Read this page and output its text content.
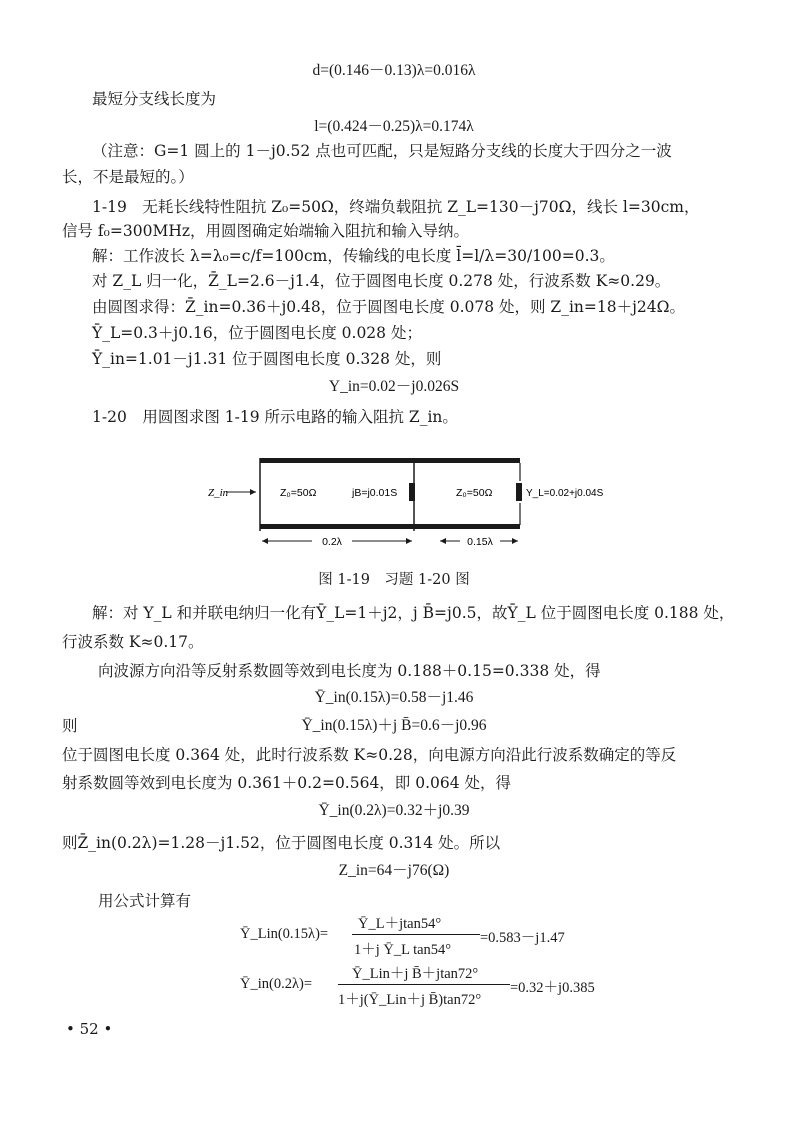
d=(0.146－0.13)λ=0.016λ
最短分支线长度为
l=(0.424－0.25)λ=0.174λ
（注意：G=1 圆上的 1－j0.52 点也可匹配，只是短路分支线的长度大于四分之一波
长，不是最短的。）
1-19　无耗长线特性阻抗 Z₀=50Ω，终端负载阻抗 Z_L=130－j70Ω，线长 l=30cm，
信号 f₀=300MHz，用圆图确定始端输入阻抗和输入导纳。
解：工作波长 λ=λ₀=c/f=100cm，传输线的电长度 l̄=l/λ=30/100=0.3。
对 Z_L 归一化，Z̄_L=2.6－j1.4，位于圆图电长度 0.278 处，行波系数 K≈0.29。
由圆图求得：Z̄_in=0.36＋j0.48，位于圆图电长度 0.078 处，则 Z_in=18＋j24Ω。
Ȳ_L=0.3＋j0.16，位于圆图电长度 0.028 处；
Ȳ_in=1.01－j1.31 位于圆图电长度 0.328 处，则
Y_in=0.02－j0.026S
1-20　用圆图求图 1-19 所示电路的输入阻抗 Z_in。
Z_in	Z₀=50Ω	jB=j0.01S	Z₀=50Ω	Y_L=0.02+j0.04S
0.2λ	0.15λ
图 1-19　习题 1-20 图
解：对 Y_L 和并联电纳归一化有Ȳ_L=1＋j2，j B̄=j0.5，故Ȳ_L 位于圆图电长度 0.188 处，
行波系数 K≈0.17。
向波源方向沿等反射系数圆等效到电长度为 0.188＋0.15=0.338 处，得
Ȳ_in(0.15λ)=0.58－j1.46
则	Ȳ_in(0.15λ)＋j B̄=0.6－j0.96
位于圆图电长度 0.364 处，此时行波系数 K≈0.28，向电源方向沿此行波系数确定的等反
射系数圆等效到电长度为 0.361＋0.2=0.564，即 0.064 处，得
Ȳ_in(0.2λ)=0.32＋j0.39
则Z̄_in(0.2λ)=1.28－j1.52，位于圆图电长度 0.314 处。所以
Z_in=64－j76(Ω)
用公式计算有
Ȳ_Lin(0.15λ)=
Ȳ_L＋jtan54°
1＋j Ȳ_L tan54°
=0.583－j1.47
Ȳ_in(0.2λ)=
Ȳ_Lin＋j B̄＋jtan72°
1＋j(Ȳ_Lin＋j B̄)tan72°
=0.32＋j0.385
• 52 •
